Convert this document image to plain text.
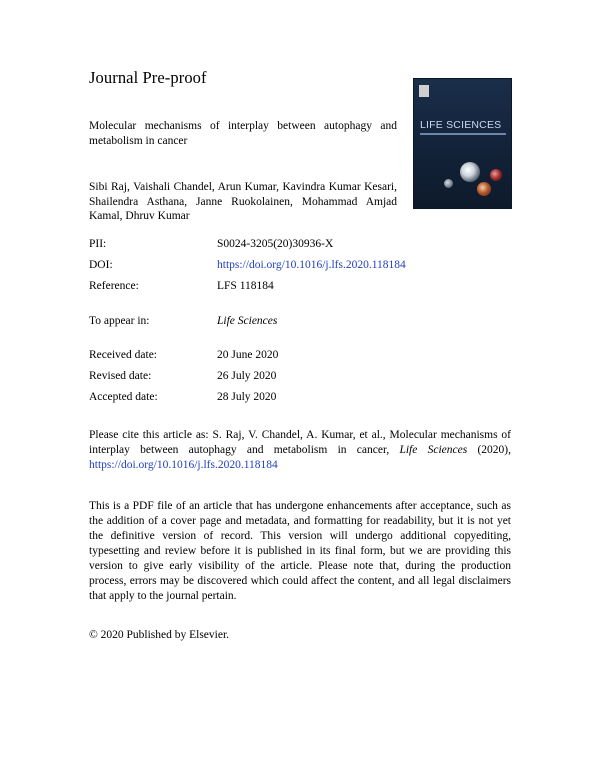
Journal Pre-proof
Molecular mechanisms of interplay between autophagy and metabolism in cancer
Sibi Raj, Vaishali Chandel, Arun Kumar, Kavindra Kumar Kesari, Shailendra Asthana, Janne Ruokolainen, Mohammad Amjad Kamal, Dhruv Kumar
LIFE SCIENCES
PII:	S0024-3205(20)30936-X
DOI:	https://doi.org/10.1016/j.lfs.2020.118184
Reference:	LFS 118184
To appear in:	Life Sciences
Received date:	20 June 2020
Revised date:	26 July 2020
Accepted date:	28 July 2020
Please cite this article as: S. Raj, V. Chandel, A. Kumar, et al., Molecular mechanisms of interplay between autophagy and metabolism in cancer, Life Sciences (2020), https://doi.org/10.1016/j.lfs.2020.118184
This is a PDF file of an article that has undergone enhancements after acceptance, such as the addition of a cover page and metadata, and formatting for readability, but it is not yet the definitive version of record. This version will undergo additional copyediting, typesetting and review before it is published in its final form, but we are providing this version to give early visibility of the article. Please note that, during the production process, errors may be discovered which could affect the content, and all legal disclaimers that apply to the journal pertain.
© 2020 Published by Elsevier.
